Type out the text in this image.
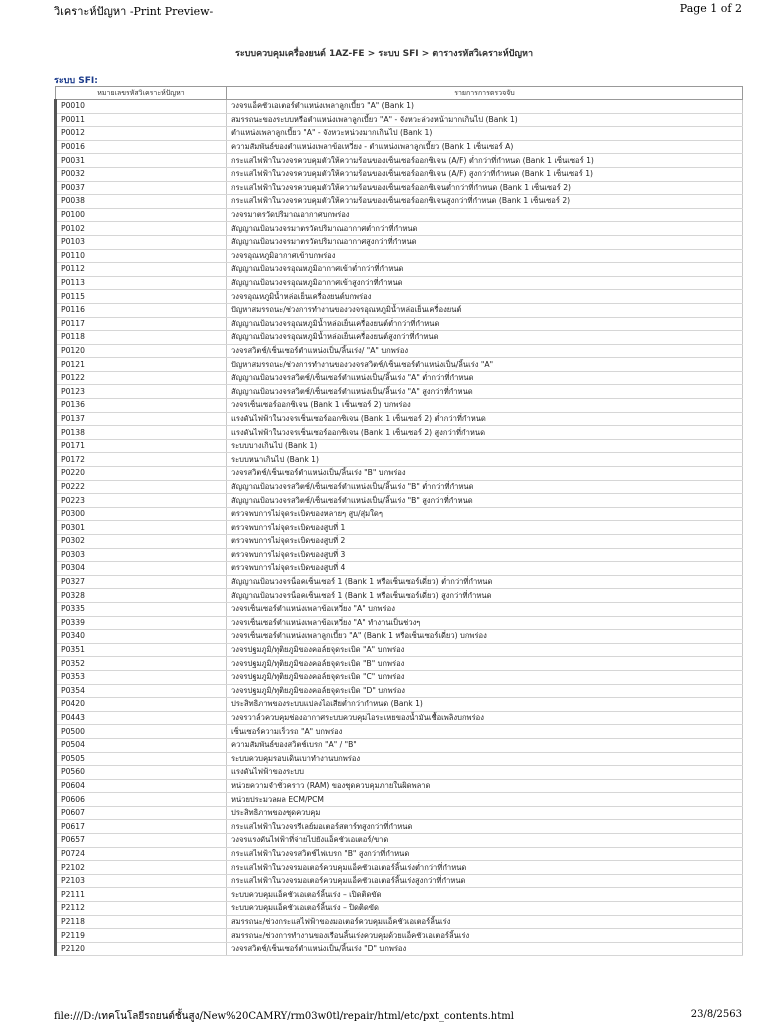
วิเคราะห์ปัญหา -Print Preview-	Page 1 of 2
ระบบควบคุมเครื่องยนต์ 1AZ-FE > ระบบ SFI > ตารางรหัสวิเคราะห์ปัญหา
ระบบ SFI:
หมายเลขรหัสวิเคราะห์ปัญหา	รายการการตรวจจับ
P0010	วงจรแอ็คชัวเอเตอร์ตำแหน่งเพลาลูกเบี้ยว "A" (Bank 1)
P0011	สมรรถนะของระบบหรือตำแหน่งเพลาลูกเบี้ยว "A" - จังหวะล่วงหน้ามากเกินไป (Bank 1)
P0012	ตำแหน่งเพลาลูกเบี้ยว "A" - จังหวะหน่วงมากเกินไป (Bank 1)
P0016	ความสัมพันธ์ของตำแหน่งเพลาข้อเหวี่ยง - ตำแหน่งเพลาลูกเบี้ยว (Bank 1 เซ็นเซอร์ A)
P0031	กระแสไฟฟ้าในวงจรควบคุมตัวให้ความร้อนของเซ็นเซอร์ออกซิเจน (A/F) ต่ำกว่าที่กำหนด (Bank 1 เซ็นเซอร์ 1)
P0032	กระแสไฟฟ้าในวงจรควบคุมตัวให้ความร้อนของเซ็นเซอร์ออกซิเจน (A/F) สูงกว่าที่กำหนด (Bank 1 เซ็นเซอร์ 1)
P0037	กระแสไฟฟ้าในวงจรควบคุมตัวให้ความร้อนของเซ็นเซอร์ออกซิเจนต่ำกว่าที่กำหนด (Bank 1 เซ็นเซอร์ 2)
P0038	กระแสไฟฟ้าในวงจรควบคุมตัวให้ความร้อนของเซ็นเซอร์ออกซิเจนสูงกว่าที่กำหนด (Bank 1 เซ็นเซอร์ 2)
P0100	วงจรมาตรวัดปริมาณอากาศบกพร่อง
P0102	สัญญาณป้อนวงจรมาตรวัดปริมาณอากาศต่ำกว่าที่กำหนด
P0103	สัญญาณป้อนวงจรมาตรวัดปริมาณอากาศสูงกว่าที่กำหนด
P0110	วงจรอุณหภูมิอากาศเข้าบกพร่อง
P0112	สัญญาณป้อนวงจรอุณหภูมิอากาศเข้าต่ำกว่าที่กำหนด
P0113	สัญญาณป้อนวงจรอุณหภูมิอากาศเข้าสูงกว่าที่กำหนด
P0115	วงจรอุณหภูมิน้ำหล่อเย็นเครื่องยนต์บกพร่อง
P0116	ปัญหาสมรรถนะ/ช่วงการทำงานของวงจรอุณหภูมิน้ำหล่อเย็นเครื่องยนต์
P0117	สัญญาณป้อนวงจรอุณหภูมิน้ำหล่อเย็นเครื่องยนต์ต่ำกว่าที่กำหนด
P0118	สัญญาณป้อนวงจรอุณหภูมิน้ำหล่อเย็นเครื่องยนต์สูงกว่าที่กำหนด
P0120	วงจรสวิตช์/เซ็นเซอร์ตำแหน่งเป็น/ลิ้นเร่ง/ "A" บกพร่อง
P0121	ปัญหาสมรรถนะ/ช่วงการทำงานของวงจรสวิตช์/เซ็นเซอร์ตำแหน่งเป็น/ลิ้นเร่ง "A"
P0122	สัญญาณป้อนวงจรสวิตช์/เซ็นเซอร์ตำแหน่งเป็น/ลิ้นเร่ง "A" ต่ำกว่าที่กำหนด
P0123	สัญญาณป้อนวงจรสวิตช์/เซ็นเซอร์ตำแหน่งเป็น/ลิ้นเร่ง "A" สูงกว่าที่กำหนด
P0136	วงจรเซ็นเซอร์ออกซิเจน (Bank 1 เซ็นเซอร์ 2) บกพร่อง
P0137	แรงดันไฟฟ้าในวงจรเซ็นเซอร์ออกซิเจน (Bank 1 เซ็นเซอร์ 2) ต่ำกว่าที่กำหนด
P0138	แรงดันไฟฟ้าในวงจรเซ็นเซอร์ออกซิเจน (Bank 1 เซ็นเซอร์ 2) สูงกว่าที่กำหนด
P0171	ระบบบางเกินไป (Bank 1)
P0172	ระบบหนาเกินไป (Bank 1)
P0220	วงจรสวิตช์/เซ็นเซอร์ตำแหน่งเป็น/ลิ้นเร่ง "B" บกพร่อง
P0222	สัญญาณป้อนวงจรสวิตช์/เซ็นเซอร์ตำแหน่งเป็น/ลิ้นเร่ง "B" ต่ำกว่าที่กำหนด
P0223	สัญญาณป้อนวงจรสวิตช์/เซ็นเซอร์ตำแหน่งเป็น/ลิ้นเร่ง "B" สูงกว่าที่กำหนด
P0300	ตรวจพบการไม่จุดระเบิดของหลายๆ สูบ/สุ่มใดๆ
P0301	ตรวจพบการไม่จุดระเบิดของสูบที่ 1
P0302	ตรวจพบการไม่จุดระเบิดของสูบที่ 2
P0303	ตรวจพบการไม่จุดระเบิดของสูบที่ 3
P0304	ตรวจพบการไม่จุดระเบิดของสูบที่ 4
P0327	สัญญาณป้อนวงจรน็อคเซ็นเซอร์ 1 (Bank 1 หรือเซ็นเซอร์เดี่ยว) ต่ำกว่าที่กำหนด
P0328	สัญญาณป้อนวงจรน็อคเซ็นเซอร์ 1 (Bank 1 หรือเซ็นเซอร์เดี่ยว) สูงกว่าที่กำหนด
P0335	วงจรเซ็นเซอร์ตำแหน่งเพลาข้อเหวี่ยง "A" บกพร่อง
P0339	วงจรเซ็นเซอร์ตำแหน่งเพลาข้อเหวี่ยง "A" ทำงานเป็นช่วงๆ
P0340	วงจรเซ็นเซอร์ตำแหน่งเพลาลูกเบี้ยว "A" (Bank 1 หรือเซ็นเซอร์เดี่ยว) บกพร่อง
P0351	วงจรปฐมภูมิ/ทุติยภูมิของคอล์ยจุดระเบิด "A" บกพร่อง
P0352	วงจรปฐมภูมิ/ทุติยภูมิของคอล์ยจุดระเบิด "B" บกพร่อง
P0353	วงจรปฐมภูมิ/ทุติยภูมิของคอล์ยจุดระเบิด "C" บกพร่อง
P0354	วงจรปฐมภูมิ/ทุติยภูมิของคอล์ยจุดระเบิด "D" บกพร่อง
P0420	ประสิทธิภาพของระบบแปลงไอเสียต่ำกว่ากำหนด (Bank 1)
P0443	วงจรวาล์วควบคุมช่องอากาศระบบควบคุมไอระเหยของน้ำมันเชื้อเพลิงบกพร่อง
P0500	เซ็นเซอร์ความเร็วรถ "A" บกพร่อง
P0504	ความสัมพันธ์ของสวิตช์เบรก "A" / "B"
P0505	ระบบควบคุมรอบเดินเบาทำงานบกพร่อง
P0560	แรงดันไฟฟ้าของระบบ
P0604	หน่วยความจำชั่วคราว (RAM) ของชุดควบคุมภายในผิดพลาด
P0606	หน่วยประมวลผล ECM/PCM
P0607	ประสิทธิภาพของชุดควบคุม
P0617	กระแสไฟฟ้าในวงจรรีเลย์มอเตอร์สตาร์ทสูงกว่าที่กำหนด
P0657	วงจรแรงดันไฟฟ้าที่จ่ายไปยังแอ็คชัวเอเตอร์/ขาด
P0724	กระแสไฟฟ้าในวงจรสวิตช์ไฟเบรก "B" สูงกว่าที่กำหนด
P2102	กระแสไฟฟ้าในวงจรมอเตอร์ควบคุมแอ็คชัวเอเตอร์ลิ้นเร่งต่ำกว่าที่กำหนด
P2103	กระแสไฟฟ้าในวงจรมอเตอร์ควบคุมแอ็คชัวเอเตอร์ลิ้นเร่งสูงกว่าที่กำหนด
P2111	ระบบควบคุมแอ็คชัวเอเตอร์ลิ้นเร่ง – เปิดติดขัด
P2112	ระบบควบคุมแอ็คชัวเอเตอร์ลิ้นเร่ง – ปิดติดขัด
P2118	สมรรถนะ/ช่วงกระแสไฟฟ้าของมอเตอร์ควบคุมแอ็คชัวเอเตอร์ลิ้นเร่ง
P2119	สมรรถนะ/ช่วงการทำงานของเรือนลิ้นเร่งควบคุมด้วยแอ็คชัวเอเตอร์ลิ้นเร่ง
P2120	วงจรสวิตช์/เซ็นเซอร์ตำแหน่งเป็น/ลิ้นเร่ง "D" บกพร่อง
file:///D:/เทคโนโลยีรถยนต์ชั้นสูง/New%20CAMRY/rm03w0tl/repair/html/etc/pxt_contents.html	23/8/2563
